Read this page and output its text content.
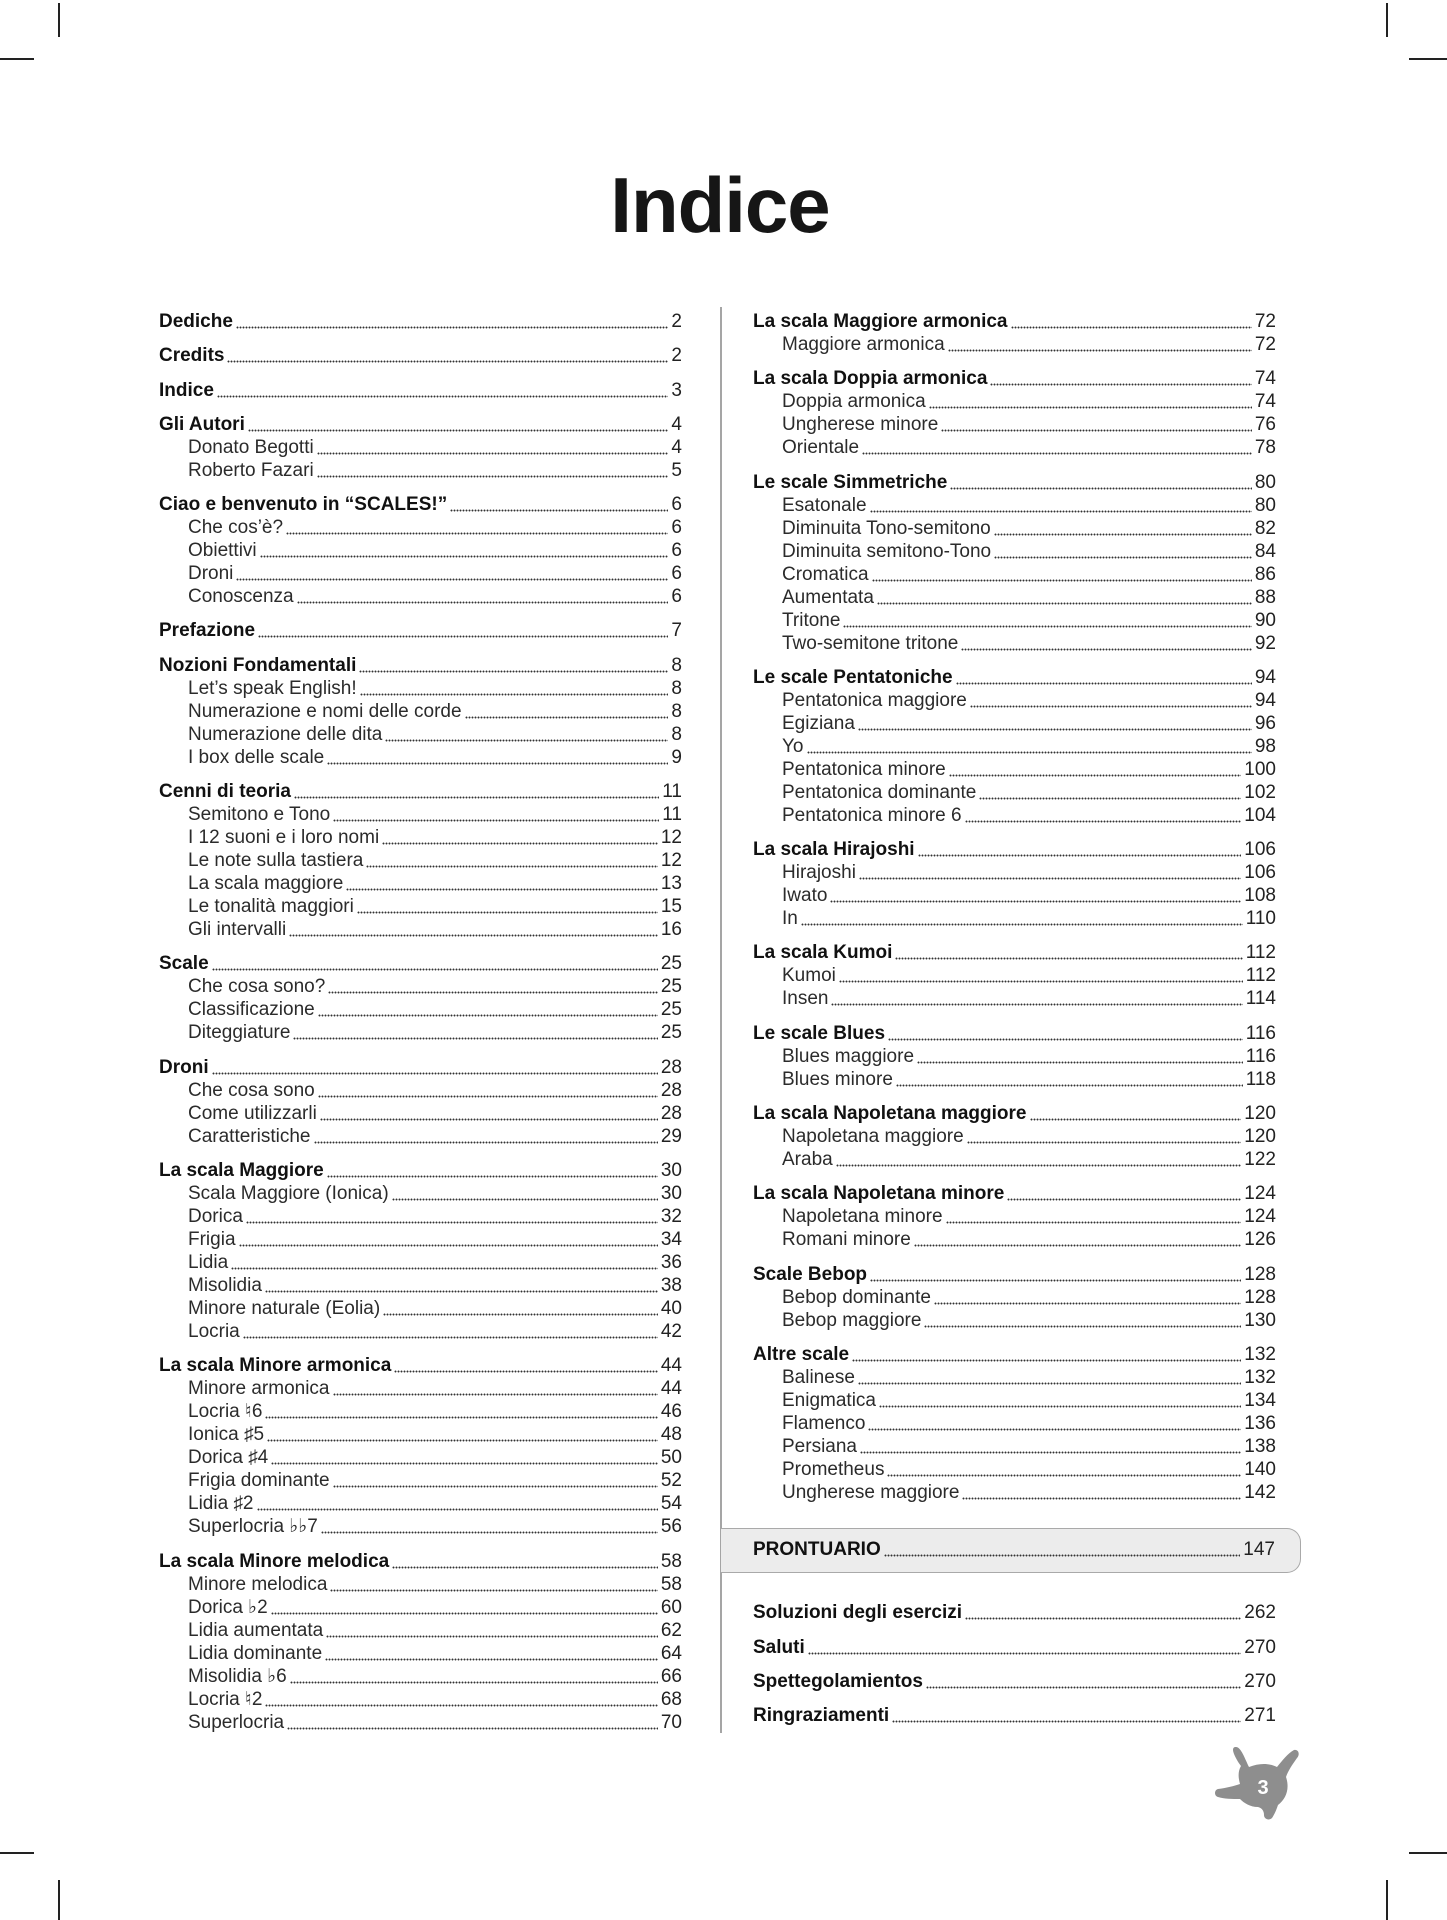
Indice
Dediche	2
Credits	2
Indice	3
Gli Autori	4
Donato Begotti	4
Roberto Fazari	5
Ciao e benvenuto in “SCALES!”	6
Che cos’è?	6
Obiettivi	6
Droni	6
Conoscenza	6
Prefazione	7
Nozioni Fondamentali	8
Let’s speak English!	8
Numerazione e nomi delle corde	8
Numerazione delle dita	8
I box delle scale	9
Cenni di teoria	11
Semitono e Tono	11
I 12 suoni e i loro nomi	12
Le note sulla tastiera	12
La scala maggiore	13
Le tonalità maggiori	15
Gli intervalli	16
Scale	25
Che cosa sono?	25
Classificazione	25
Diteggiature	25
Droni	28
Che cosa sono	28
Come utilizzarli	28
Caratteristiche	29
La scala Maggiore	30
Scala Maggiore (Ionica)	30
Dorica	32
Frigia	34
Lidia	36
Misolidia	38
Minore naturale (Eolia)	40
Locria	42
La scala Minore armonica	44
Minore armonica	44
Locria ♮6	46
Ionica ♯5	48
Dorica ♯4	50
Frigia dominante	52
Lidia ♯2	54
Superlocria ♭♭7	56
La scala Minore melodica	58
Minore melodica	58
Dorica ♭2	60
Lidia aumentata	62
Lidia dominante	64
Misolidia ♭6	66
Locria ♮2	68
Superlocria	70
La scala Maggiore armonica	72
Maggiore armonica	72
La scala Doppia armonica	74
Doppia armonica	74
Ungherese minore	76
Orientale	78
Le scale Simmetriche	80
Esatonale	80
Diminuita Tono-semitono	82
Diminuita semitono-Tono	84
Cromatica	86
Aumentata	88
Tritone	90
Two-semitone tritone	92
Le scale Pentatoniche	94
Pentatonica maggiore	94
Egiziana	96
Yo	98
Pentatonica minore	100
Pentatonica dominante	102
Pentatonica minore 6	104
La scala Hirajoshi	106
Hirajoshi	106
Iwato	108
In	110
La scala Kumoi	112
Kumoi	112
Insen	114
Le scale Blues	116
Blues maggiore	116
Blues minore	118
La scala Napoletana maggiore	120
Napoletana maggiore	120
Araba	122
La scala Napoletana minore	124
Napoletana minore	124
Romani minore	126
Scale Bebop	128
Bebop dominante	128
Bebop maggiore	130
Altre scale	132
Balinese	132
Enigmatica	134
Flamenco	136
Persiana	138
Prometheus	140
Ungherese maggiore	142
PRONTUARIO	147
Soluzioni degli esercizi	262
Saluti	270
Spettegolamientos	270
Ringraziamenti	271
3
